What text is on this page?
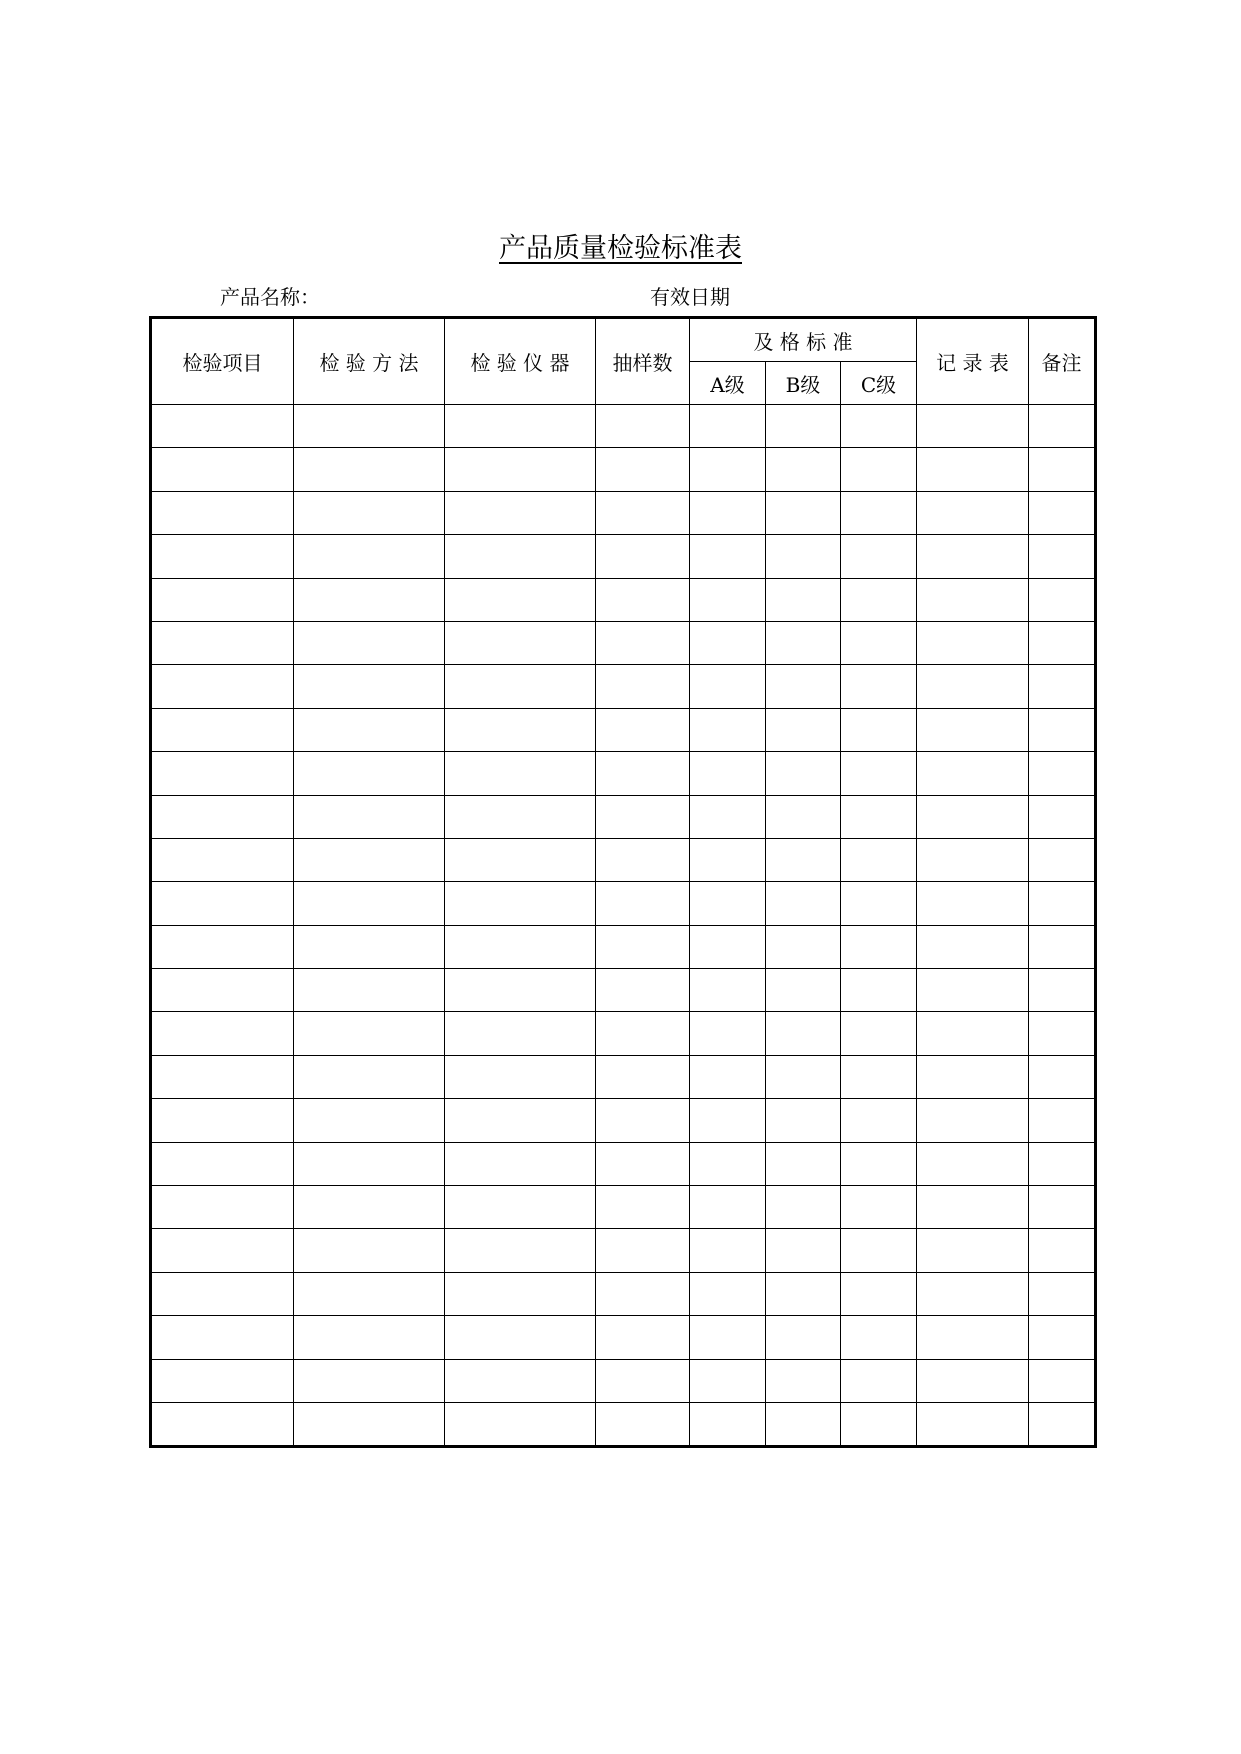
产品质量检验标准表
产品名称：	有效日期
检验项目	检 验 方 法	检 验 仪 器	抽样数	及 格 标 准			记 录 表	备注
				A级	B级	C级		
